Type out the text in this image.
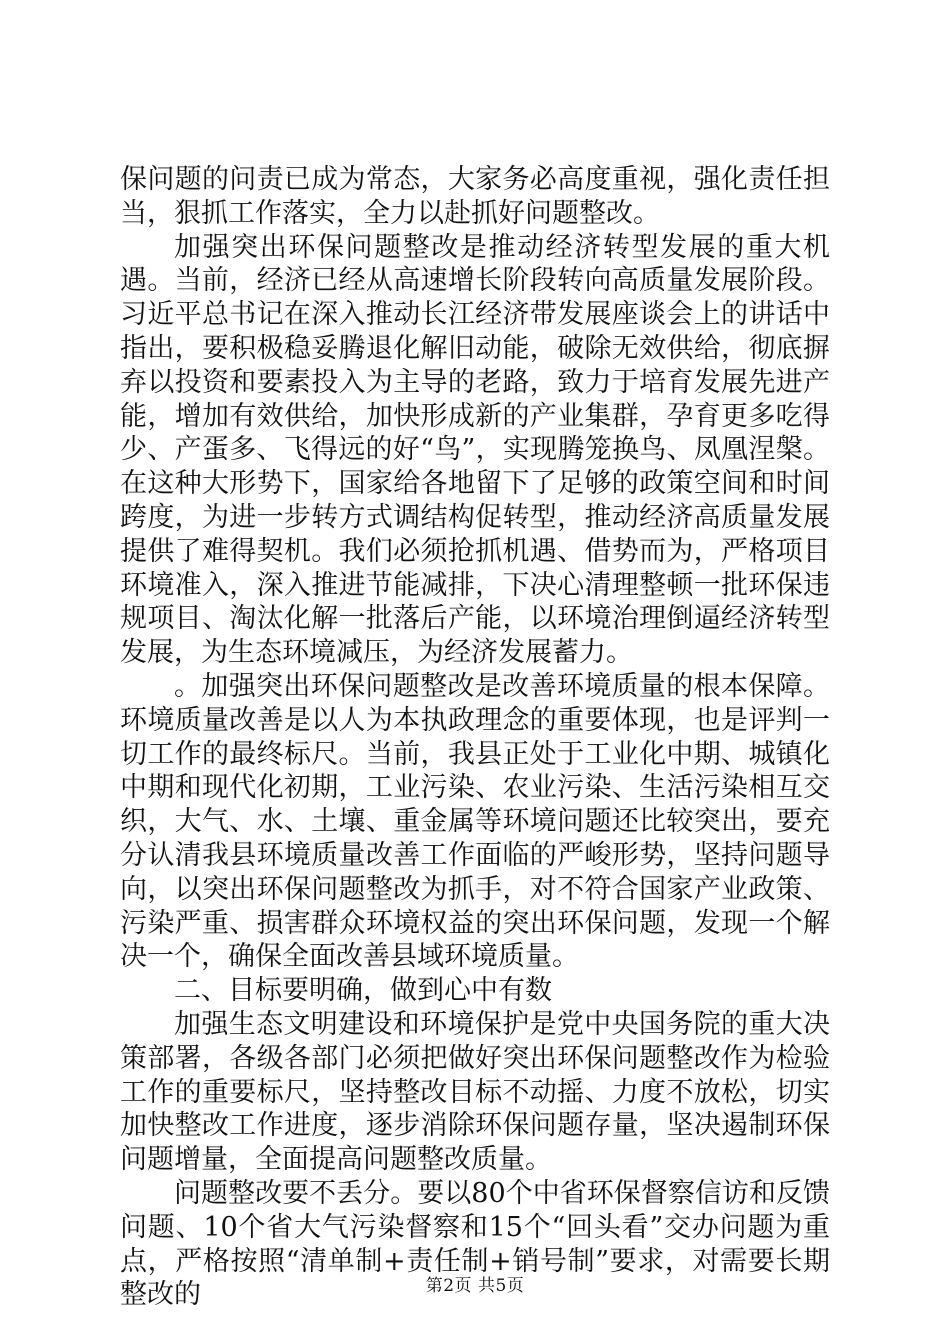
保问题的问责已成为常态，大家务必高度重视，强化责任担当，狠抓工作落实，全力以赴抓好问题整改。

加强突出环保问题整改是推动经济转型发展的重大机遇。当前，经济已经从高速增长阶段转向高质量发展阶段。习近平总书记在深入推动长江经济带发展座谈会上的讲话中指出，要积极稳妥腾退化解旧动能，破除无效供给，彻底摒弃以投资和要素投入为主导的老路，致力于培育发展先进产能，增加有效供给，加快形成新的产业集群，孕育更多吃得少、产蛋多、飞得远的好“鸟”，实现腾笼换鸟、凤凰涅槃。在这种大形势下，国家给各地留下了足够的政策空间和时间跨度，为进一步转方式调结构促转型，推动经济高质量发展提供了难得契机。我们必须抢抓机遇、借势而为，严格项目环境准入，深入推进节能减排，下决心清理整顿一批环保违规项目、淘汰化解一批落后产能，以环境治理倒逼经济转型发展，为生态环境减压，为经济发展蓄力。

。加强突出环保问题整改是改善环境质量的根本保障。环境质量改善是以人为本执政理念的重要体现，也是评判一切工作的最终标尺。当前，我县正处于工业化中期、城镇化中期和现代化初期，工业污染、农业污染、生活污染相互交织，大气、水、土壤、重金属等环境问题还比较突出，要充分认清我县环境质量改善工作面临的严峻形势，坚持问题导向，以突出环保问题整改为抓手，对不符合国家产业政策、污染严重、损害群众环境权益的突出环保问题，发现一个解决一个，确保全面改善县域环境质量。

二、目标要明确，做到心中有数

加强生态文明建设和环境保护是党中央国务院的重大决策部署，各级各部门必须把做好突出环保问题整改作为检验工作的重要标尺，坚持整改目标不动摇、力度不放松，切实加快整改工作进度，逐步消除环保问题存量，坚决遏制环保问题增量，全面提高问题整改质量。

问题整改要不丢分。要以80个中省环保督察信访和反馈问题、10个省大气污染督察和15个“回头看”交办问题为重点，严格按照“清单制+责任制+销号制”要求，对需要长期整改的	第2页 共5页
